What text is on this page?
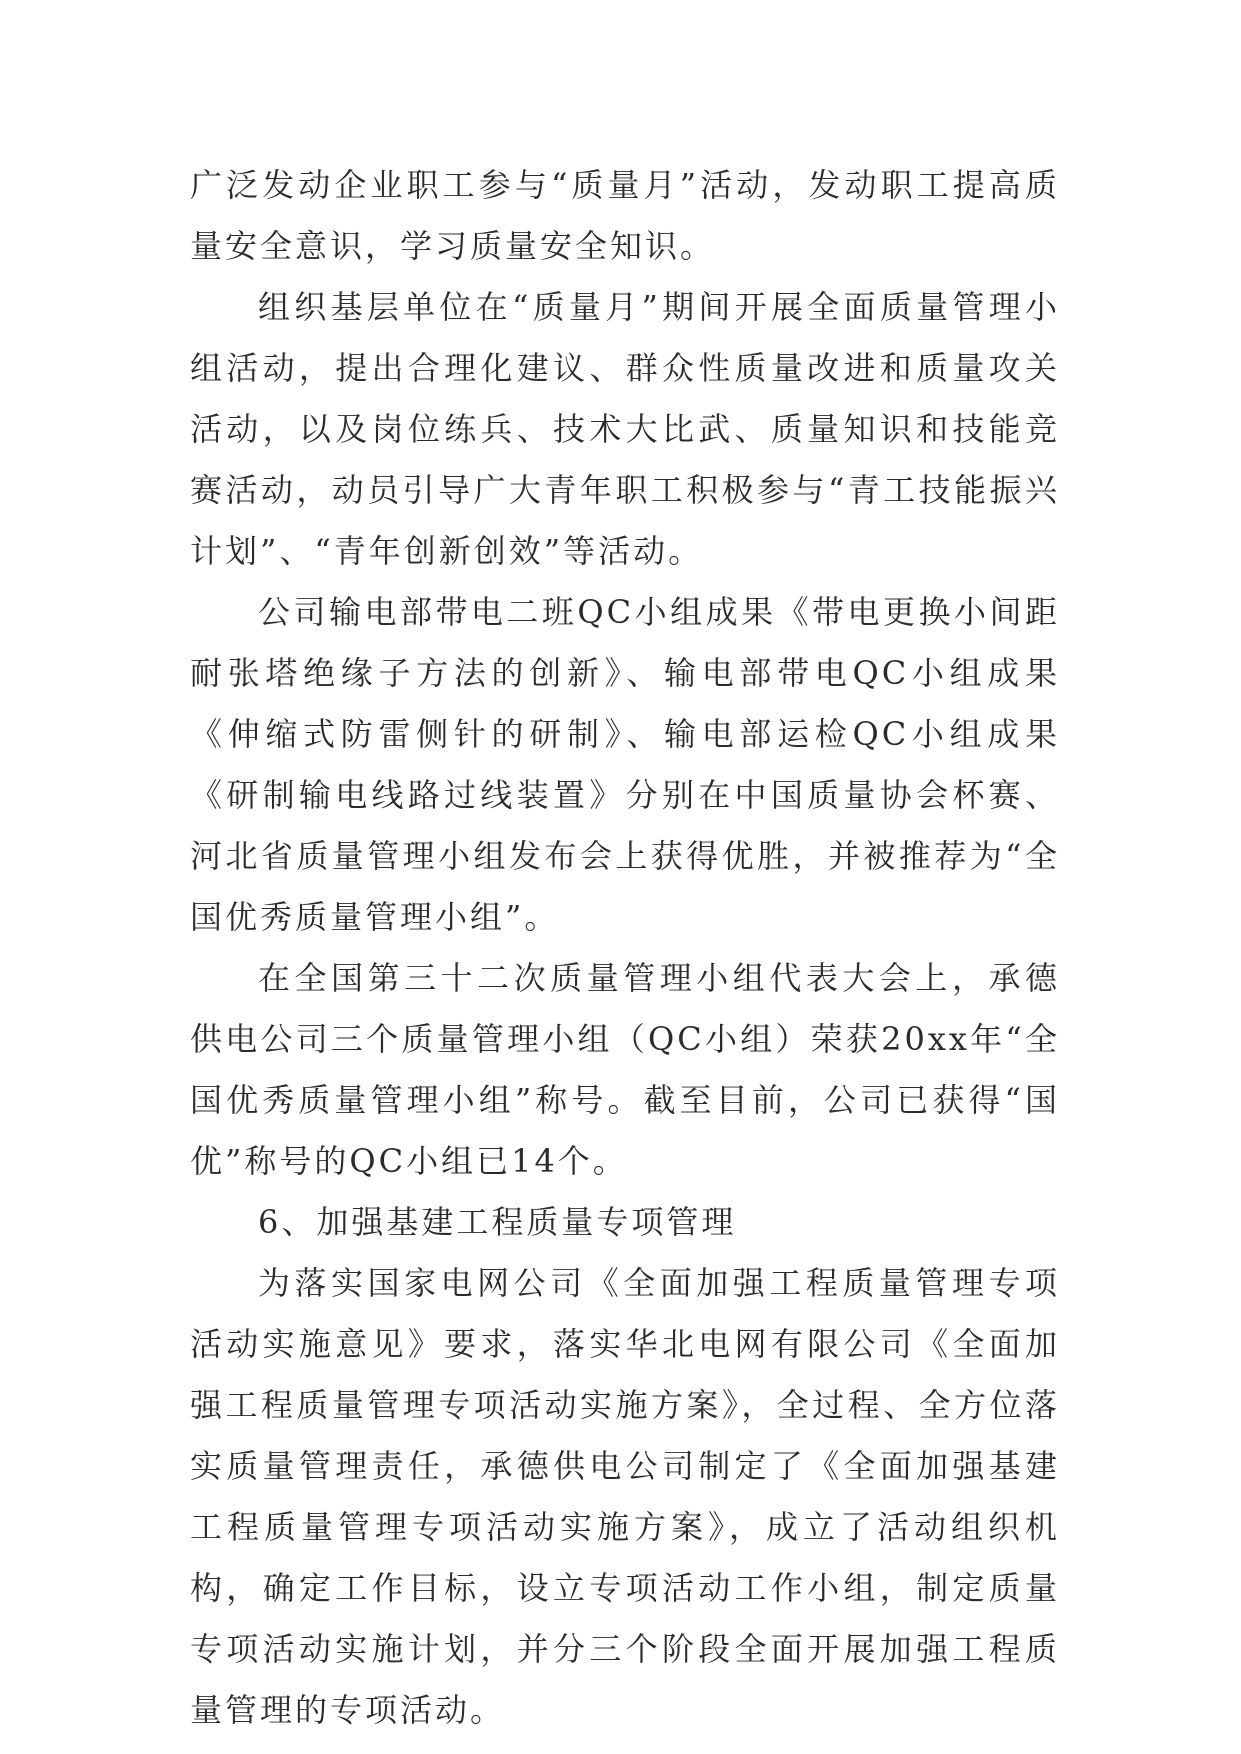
广泛发动企业职工参与“质量月”活动，发动职工提高质量安全意识，学习质量安全知识。

组织基层单位在“质量月”期间开展全面质量管理小组活动，提出合理化建议、群众性质量改进和质量攻关活动，以及岗位练兵、技术大比武、质量知识和技能竞赛活动，动员引导广大青年职工积极参与“青工技能振兴计划”、“青年创新创效”等活动。

公司输电部带电二班QC小组成果《带电更换小间距耐张塔绝缘子方法的创新》、输电部带电QC小组成果《伸缩式防雷侧针的研制》、输电部运检QC小组成果《研制输电线路过线装置》分别在中国质量协会杯赛、河北省质量管理小组发布会上获得优胜，并被推荐为“全国优秀质量管理小组”。

在全国第三十二次质量管理小组代表大会上，承德供电公司三个质量管理小组（QC小组）荣获20xx年“全国优秀质量管理小组”称号。截至目前，公司已获得“国优”称号的QC小组已14个。

6、加强基建工程质量专项管理

为落实国家电网公司《全面加强工程质量管理专项活动实施意见》要求，落实华北电网有限公司《全面加强工程质量管理专项活动实施方案》，全过程、全方位落实质量管理责任，承德供电公司制定了《全面加强基建工程质量管理专项活动实施方案》，成立了活动组织机构，确定工作目标，设立专项活动工作小组，制定质量专项活动实施计划，并分三个阶段全面开展加强工程质量管理的专项活动。
